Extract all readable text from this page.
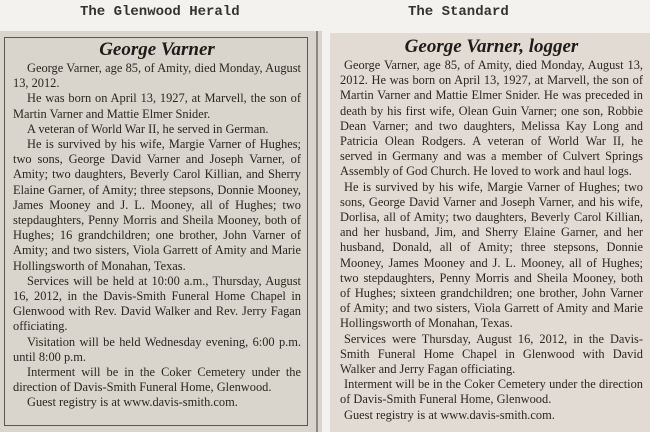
The Glenwood Herald	The Standard
George Varner

George Varner, age 85, of Amity, died Monday, August 13, 2012.

He was born on April 13, 1927, at Marvell, the son of Martin Varner and Mattie Elmer Snider.

A veteran of World War II, he served in German.

He is survived by his wife, Margie Varner of Hughes; two sons, George David Varner and Joseph Varner, of Amity; two daughters, Beverly Carol Killian, and Sherry Elaine Garner, of Amity; three stepsons, Donnie Mooney, James Mooney and J. L. Mooney, all of Hughes; two stepdaughters, Penny Morris and Sheila Mooney, both of Hughes; 16 grandchildren; one brother, John Varner of Amity; and two sisters, Viola Garrett of Amity and Marie Hollingsworth of Monahan, Texas.

Services will be held at 10:00 a.m., Thursday, August 16, 2012, in the Davis-Smith Funeral Home Chapel in Glenwood with Rev. David Walker and Rev. Jerry Fagan officiating.

Visitation will be held Wednesday evening, 6:00 p.m. until 8:00 p.m.

Interment will be in the Coker Cemetery under the direction of Davis-Smith Funeral Home, Glenwood.

Guest registry is at www.davis-smith.com.

George Varner, logger

George Varner, age 85, of Amity, died Monday, August 13, 2012. He was born on April 13, 1927, at Marvell, the son of Martin Varner and Mattie Elmer Snider. He was preceded in death by his first wife, Olean Guin Varner; one son, Robbie Dean Varner; and two daughters, Melissa Kay Long and Patricia Olean Rodgers. A veteran of World War II, he served in Germany and was a member of Culvert Springs Assembly of God Church. He loved to work and haul logs.

He is survived by his wife, Margie Varner of Hughes; two sons, George David Varner and Joseph Varner, and his wife, Dorlisa, all of Amity; two daughters, Beverly Carol Killian, and her husband, Jim, and Sherry Elaine Garner, and her husband, Donald, all of Amity; three stepsons, Donnie Mooney, James Mooney and J. L. Mooney, all of Hughes; two stepdaughters, Penny Morris and Sheila Mooney, both of Hughes; sixteen grandchildren; one brother, John Varner of Amity; and two sisters, Viola Garrett of Amity and Marie Hollingsworth of Monahan, Texas.

Services were Thursday, August 16, 2012, in the Davis-Smith Funeral Home Chapel in Glenwood with David Walker and Jerry Fagan officiating.

Interment will be in the Coker Cemetery under the direction of Davis-Smith Funeral Home, Glenwood.

Guest registry is at www.davis-smith.com.
